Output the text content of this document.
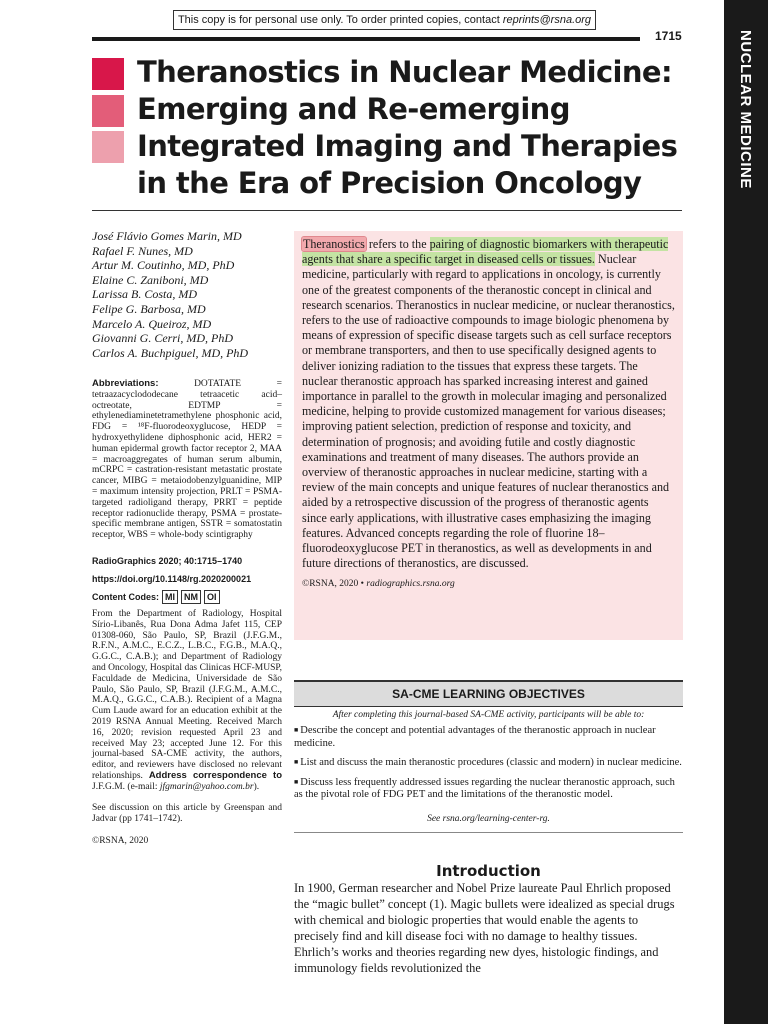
This copy is for personal use only. To order printed copies, contact reprints@rsna.org
1715	NUCLEAR MEDICINE
Theranostics in Nuclear Medicine: Emerging and Re-emerging Integrated Imaging and Therapies in the Era of Precision Oncology
José Flávio Gomes Marin, MD
Rafael F. Nunes, MD
Artur M. Coutinho, MD, PhD
Elaine C. Zaniboni, MD
Larissa B. Costa, MD
Felipe G. Barbosa, MD
Marcelo A. Queiroz, MD
Giovanni G. Cerri, MD, PhD
Carlos A. Buchpiguel, MD, PhD
Abbreviations: DOTATATE = tetraazacyclododecane tetraacetic acid–octreotate, EDTMP = ethylenediaminetetramethylene phosphonic acid, FDG = ¹⁸F-fluorodeoxyglucose, HEDP = hydroxyethylidene diphosphonic acid, HER2 = human epidermal growth factor receptor 2, MAA = macroaggregates of human serum albumin, mCRPC = castration-resistant metastatic prostate cancer, MIBG = metaiodobenzylguanidine, MIP = maximum intensity projection, PRLT = PSMA-targeted radioligand therapy, PRRT = peptide receptor radionuclide therapy, PSMA = prostate-specific membrane antigen, SSTR = somatostatin receptor, WBS = whole-body scintigraphy
RadioGraphics 2020; 40:1715–1740
https://doi.org/10.1148/rg.2020200021
Content Codes: MI	NM	OI
From the Department of Radiology, Hospital Sírio-Libanês, Rua Dona Adma Jafet 115, CEP 01308-060, São Paulo, SP, Brazil (J.F.G.M., R.F.N., A.M.C., E.C.Z., L.B.C., F.G.B., M.A.Q., G.G.C., C.A.B.); and Department of Radiology and Oncology, Hospital das Clinicas HCF-MUSP, Faculdade de Medicina, Universidade de São Paulo, São Paulo, SP, Brazil (J.F.G.M., A.M.C., M.A.Q., G.G.C., C.A.B.). Recipient of a Magna Cum Laude award for an education exhibit at the 2019 RSNA Annual Meeting. Received March 16, 2020; revision requested April 23 and received May 23; accepted June 12. For this journal-based SA-CME activity, the authors, editor, and reviewers have disclosed no relevant relationships. Address correspondence to J.F.G.M. (e-mail: jfgmarin@yahoo.com.br).
See discussion on this article by Greenspan and Jadvar (pp 1741–1742).
©RSNA, 2020
Theranostics refers to the pairing of diagnostic biomarkers with therapeutic agents that share a specific target in diseased cells or tissues. Nuclear medicine, particularly with regard to applications in oncology, is currently one of the greatest components of the theranostic concept in clinical and research scenarios. Theranostics in nuclear medicine, or nuclear theranostics, refers to the use of radioactive compounds to image biologic phenomena by means of expression of specific disease targets such as cell surface receptors or membrane transporters, and then to use specifically designed agents to deliver ionizing radiation to the tissues that express these targets. The nuclear theranostic approach has sparked increasing interest and gained importance in parallel to the growth in molecular imaging and personalized medicine, helping to provide customized management for various diseases; improving patient selection, prediction of response and toxicity, and determination of prognosis; and avoiding futile and costly diagnostic examinations and treatment of many diseases. The authors provide an overview of theranostic approaches in nuclear medicine, starting with a review of the main concepts and unique features of nuclear theranostics and aided by a retrospective discussion of the progress of theranostic agents since early applications, with illustrative cases emphasizing the imaging features. Advanced concepts regarding the role of fluorine 18–fluorodeoxyglucose PET in theranostics, as well as developments in and future directions of theranostics, are discussed.
©RSNA, 2020 • radiographics.rsna.org
SA-CME LEARNING OBJECTIVES
After completing this journal-based SA-CME activity, participants will be able to:
■ Describe the concept and potential advantages of the theranostic approach in nuclear medicine.
■ List and discuss the main theranostic procedures (classic and modern) in nuclear medicine.
■ Discuss less frequently addressed issues regarding the nuclear theranostic approach, such as the pivotal role of FDG PET and the limitations of the theranostic model.
See rsna.org/learning-center-rg.
Introduction
In 1900, German researcher and Nobel Prize laureate Paul Ehrlich proposed the “magic bullet” concept (1). Magic bullets were idealized as special drugs with chemical and biologic properties that would enable the agents to precisely find and kill disease foci with no damage to healthy tissues. Ehrlich’s works and theories regarding new dyes, histologic findings, and immunology fields revolutionized the
